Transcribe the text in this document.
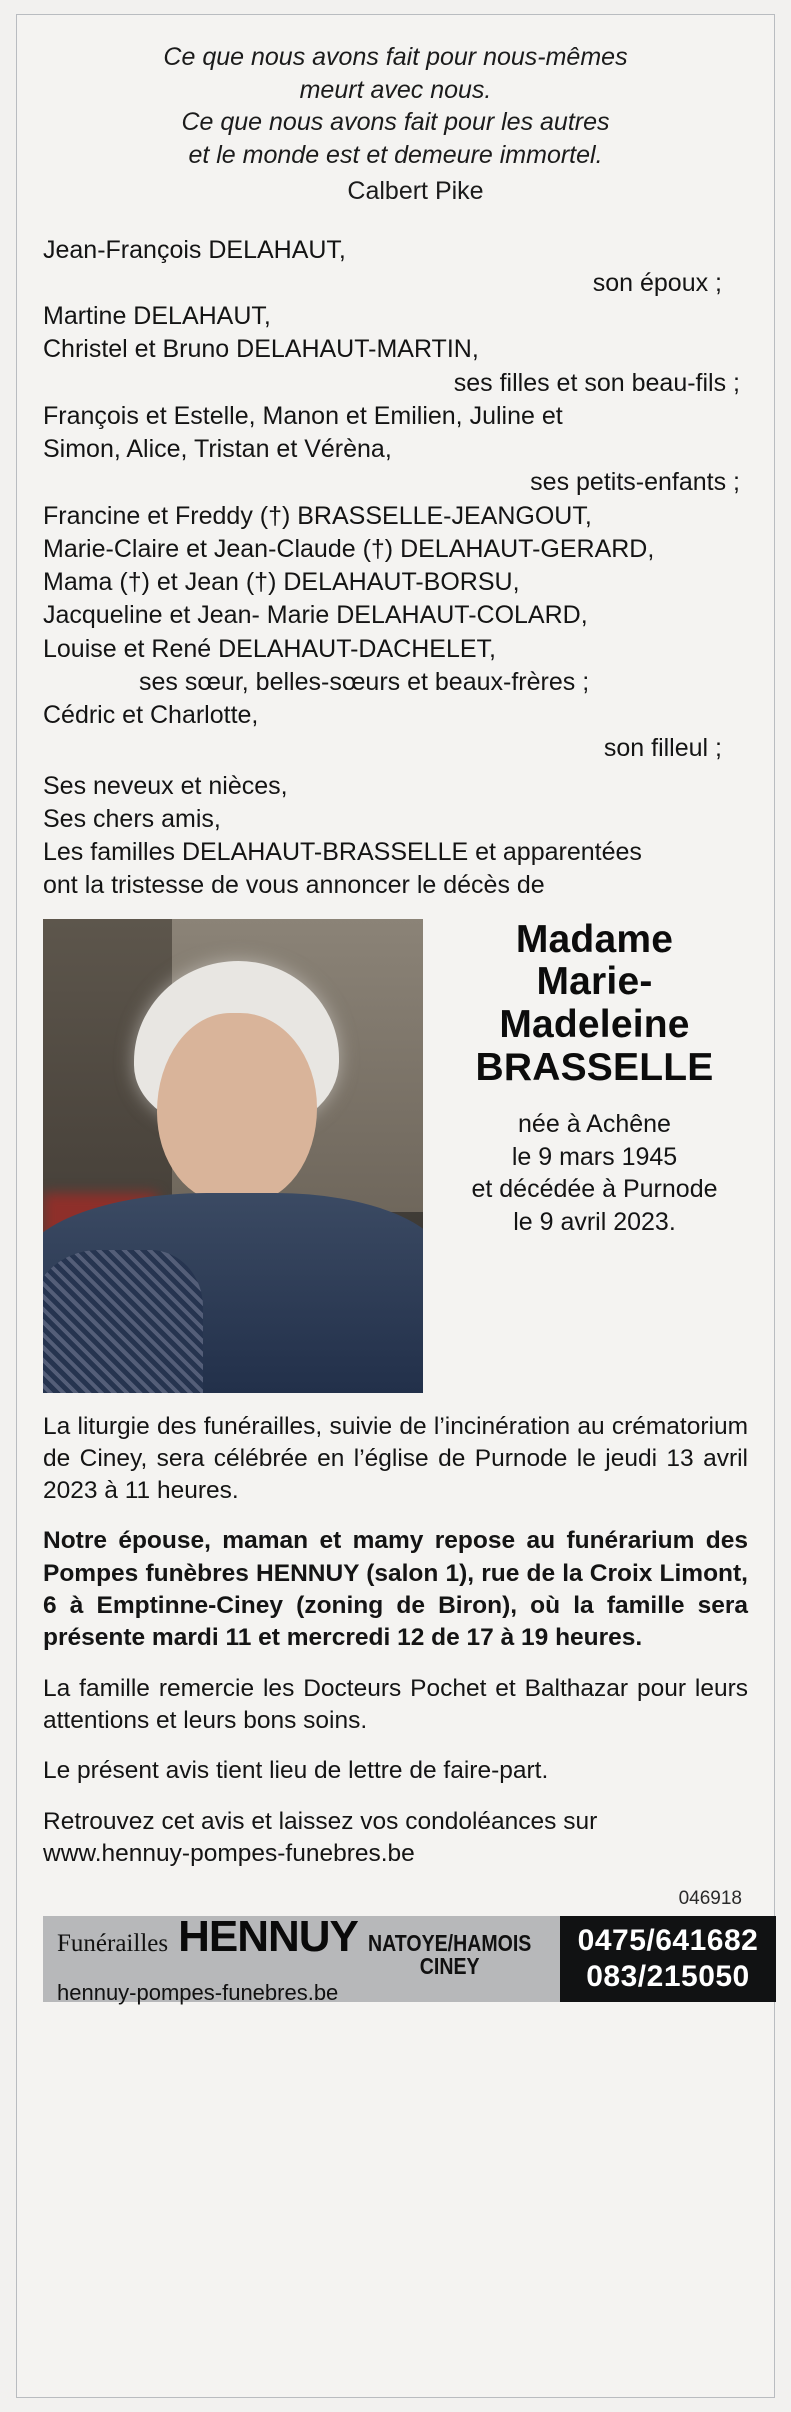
Ce que nous avons fait pour nous-mêmes
meurt avec nous.
Ce que nous avons fait pour les autres
et le monde est et demeure immortel.
Calbert Pike
Jean-François DELAHAUT,
son époux ;
Martine DELAHAUT,
Christel et Bruno DELAHAUT-MARTIN,
ses filles et son beau-fils ;
François et Estelle, Manon et Emilien, Juline et
Simon, Alice, Tristan et Vérèna,
ses petits-enfants ;
Francine et Freddy (†) BRASSELLE-JEANGOUT,
Marie-Claire et Jean-Claude (†) DELAHAUT-GERARD,
Mama (†) et Jean (†) DELAHAUT-BORSU,
Jacqueline et Jean- Marie DELAHAUT-COLARD,
Louise et René DELAHAUT-DACHELET,
ses sœur, belles-sœurs et beaux-frères ;
Cédric et Charlotte,
son filleul ;
Ses neveux et nièces,
Ses chers amis,
Les familles DELAHAUT-BRASSELLE et apparentées
ont la tristesse de vous annoncer le décès de
Madame
Marie-
Madeleine
BRASSELLE
née à Achêne
le 9 mars 1945
et décédée à Purnode
le 9 avril 2023.
La liturgie des funérailles, suivie de l’incinération au crématorium de Ciney, sera célébrée en l’église de Purnode le jeudi 13 avril 2023 à 11 heures.
Notre épouse, maman et mamy repose au funérarium des Pompes funèbres HENNUY (salon 1), rue de la Croix Limont, 6 à Emptinne-Ciney (zoning de Biron), où la famille sera présente mardi 11 et mercredi 12 de 17 à 19 heures.
La famille remercie les Docteurs Pochet et Balthazar pour leurs attentions et leurs bons soins.
Le présent avis tient lieu de lettre de faire-part.
Retrouvez cet avis et laissez vos condoléances sur
www.hennuy-pompes-funebres.be
046918
Funérailles HENNUY NATOYE/HAMOIS
CINEY
hennuy-pompes-funebres.be
0475/641682
083/215050
